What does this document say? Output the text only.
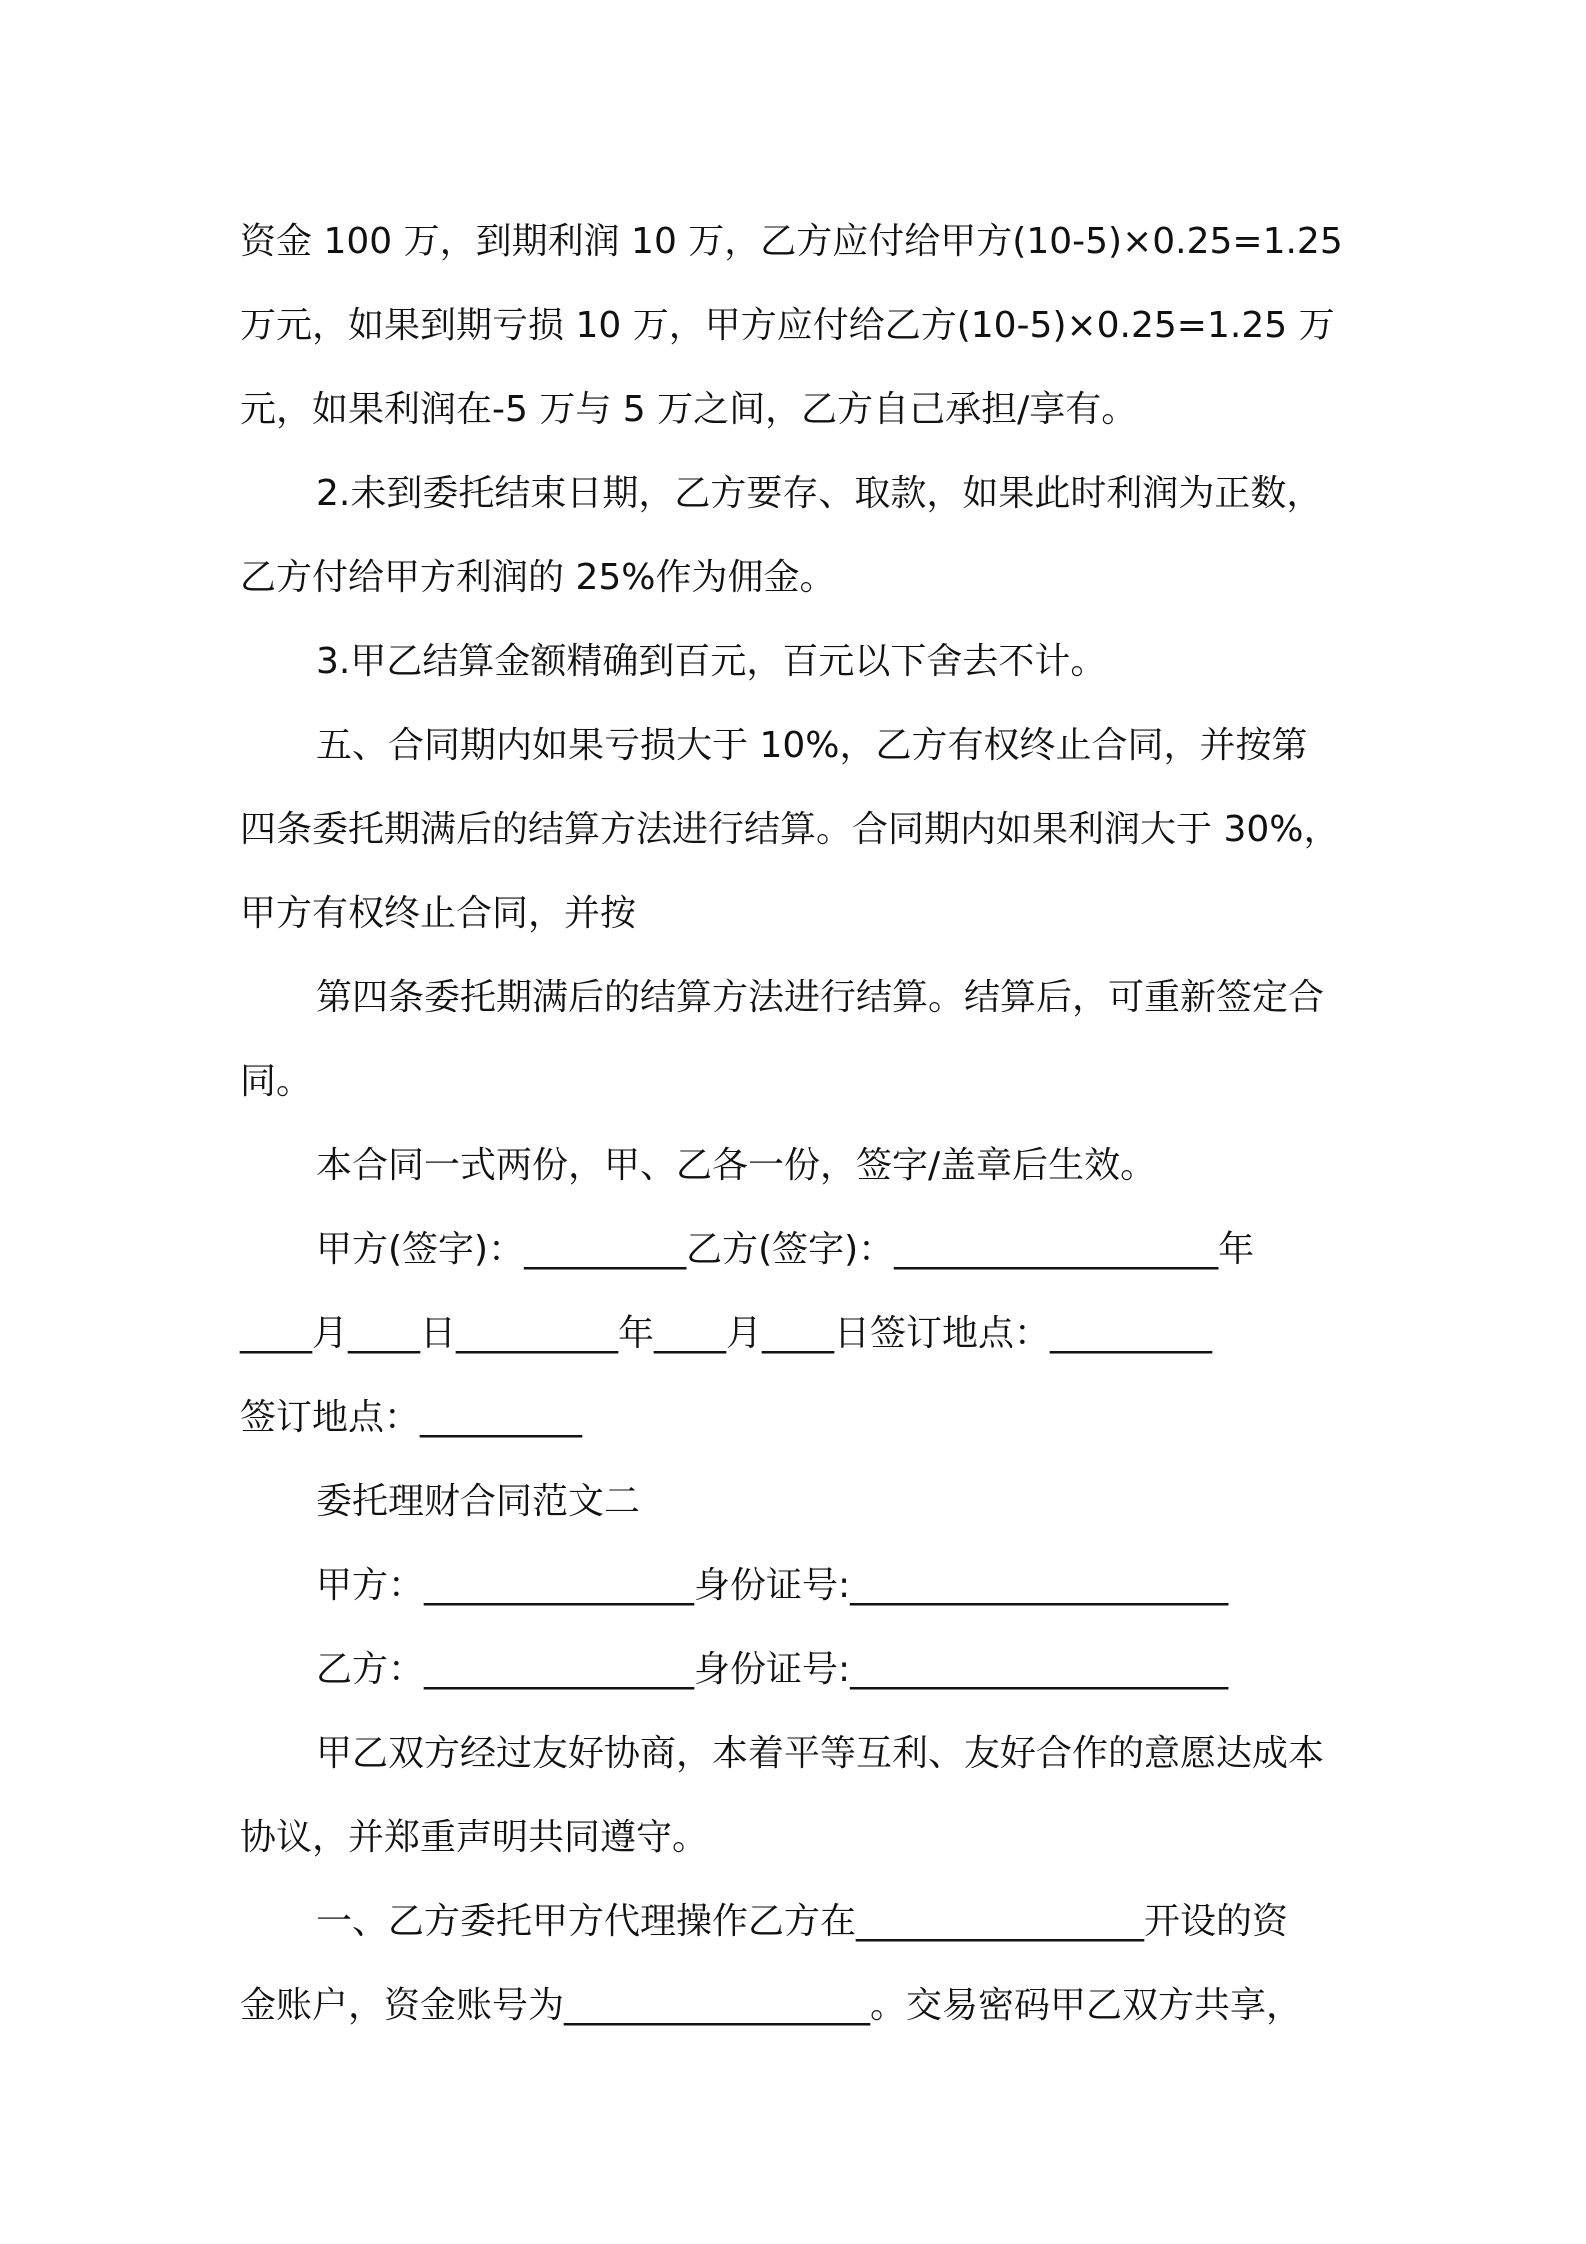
资金 100 万，到期利润 10 万，乙方应付给甲方(10-5)×0.25=1.25
万元，如果到期亏损 10 万，甲方应付给乙方(10-5)×0.25=1.25 万
元，如果利润在-5 万与 5 万之间，乙方自己承担/享有。
2.未到委托结束日期，乙方要存、取款，如果此时利润为正数，
乙方付给甲方利润的 25%作为佣金。
3.甲乙结算金额精确到百元，百元以下舍去不计。
五、合同期内如果亏损大于 10%，乙方有权终止合同，并按第
四条委托期满后的结算方法进行结算。合同期内如果利润大于 30%，
甲方有权终止合同，并按
第四条委托期满后的结算方法进行结算。结算后，可重新签定合
同。
本合同一式两份，甲、乙各一份，签字/盖章后生效。
甲方(签字)：_________乙方(签字)：__________________年
____月____日_________年____月____日签订地点：_________
签订地点：_________
委托理财合同范文二
甲方：_______________身份证号:_____________________
乙方：_______________身份证号:_____________________
甲乙双方经过友好协商，本着平等互利、友好合作的意愿达成本
协议，并郑重声明共同遵守。
一、乙方委托甲方代理操作乙方在________________开设的资
金账户，资金账号为_________________。交易密码甲乙双方共享，
